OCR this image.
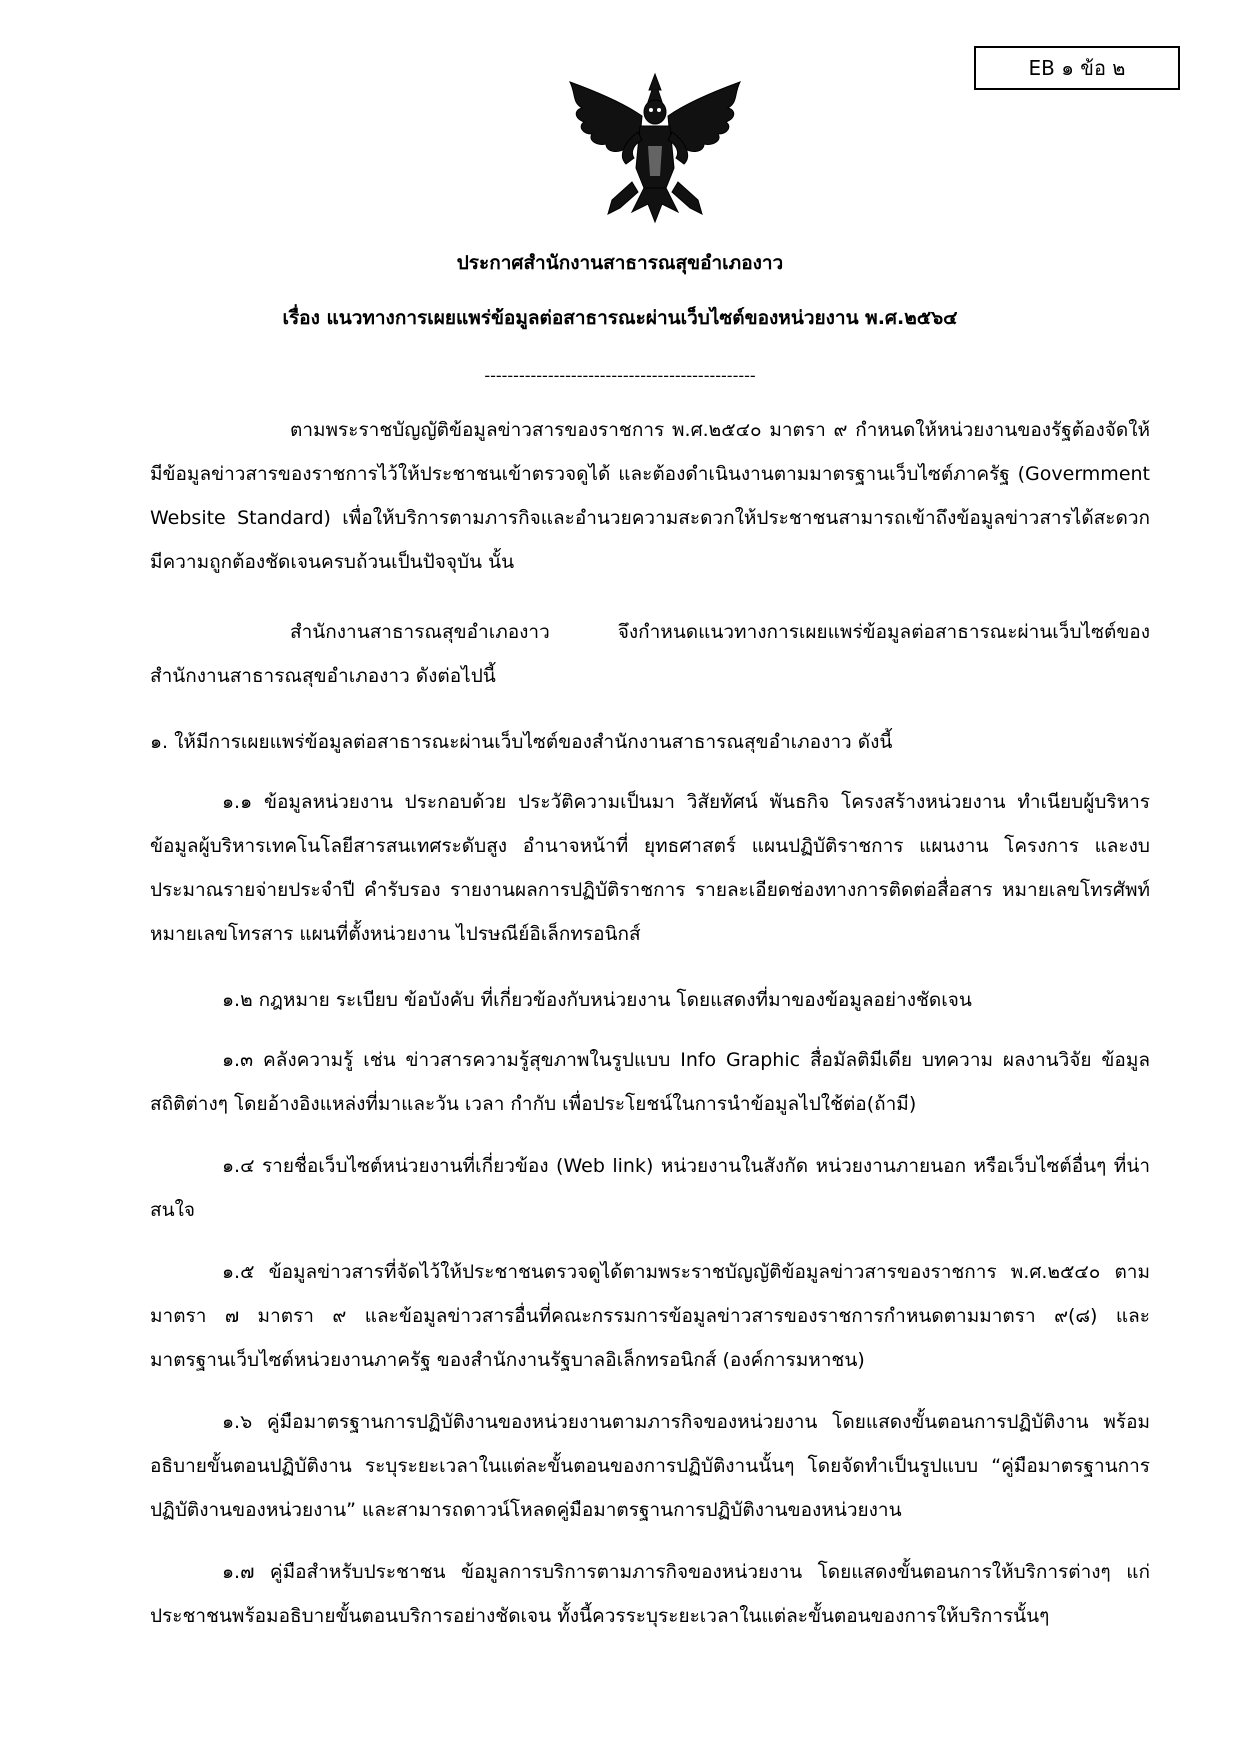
EB ๑ ข้อ ๒
ประกาศสำนักงานสาธารณสุขอำเภองาว
เรื่อง แนวทางการเผยแพร่ข้อมูลต่อสาธารณะผ่านเว็บไซต์ของหน่วยงาน พ.ศ.๒๕๖๔
-----------------------------------------------

ตามพระราชบัญญัติข้อมูลข่าวสารของราชการ พ.ศ.๒๕๔๐ มาตรา ๙ กำหนดให้หน่วยงานของรัฐต้องจัดให้มีข้อมูลข่าวสารของราชการไว้ให้ประชาชนเข้าตรวจดูได้ และต้องดำเนินงานตามมาตรฐานเว็บไซต์ภาครัฐ (Govermment Website Standard) เพื่อให้บริการตามภารกิจและอำนวยความสะดวกให้ประชาชนสามารถเข้าถึงข้อมูลข่าวสารได้สะดวกมีความถูกต้องชัดเจนครบถ้วนเป็นปัจจุบัน นั้น

สำนักงานสาธารณสุขอำเภองาว จึงกำหนดแนวทางการเผยแพร่ข้อมูลต่อสาธารณะผ่านเว็บไซต์ของสำนักงานสาธารณสุขอำเภองาว ดังต่อไปนี้

๑. ให้มีการเผยแพร่ข้อมูลต่อสาธารณะผ่านเว็บไซต์ของสำนักงานสาธารณสุขอำเภองาว ดังนี้

๑.๑ ข้อมูลหน่วยงาน ประกอบด้วย ประวัติความเป็นมา วิสัยทัศน์ พันธกิจ โครงสร้างหน่วยงาน ทำเนียบผู้บริหาร ข้อมูลผู้บริหารเทคโนโลยีสารสนเทศระดับสูง อำนาจหน้าที่ ยุทธศาสตร์ แผนปฏิบัติราชการ แผนงาน โครงการ และงบประมาณรายจ่ายประจำปี คำรับรอง รายงานผลการปฏิบัติราชการ รายละเอียดช่องทางการติดต่อสื่อสาร หมายเลขโทรศัพท์ หมายเลขโทรสาร แผนที่ตั้งหน่วยงาน ไปรษณีย์อิเล็กทรอนิกส์

๑.๒ กฎหมาย ระเบียบ ข้อบังคับ ที่เกี่ยวข้องกับหน่วยงาน โดยแสดงที่มาของข้อมูลอย่างชัดเจน

๑.๓ คลังความรู้ เช่น ข่าวสารความรู้สุขภาพในรูปแบบ Info Graphic สื่อมัลติมีเดีย บทความ ผลงานวิจัย ข้อมูลสถิติต่างๆ โดยอ้างอิงแหล่งที่มาและวัน เวลา กำกับ เพื่อประโยชน์ในการนำข้อมูลไปใช้ต่อ(ถ้ามี)

๑.๔ รายชื่อเว็บไซต์หน่วยงานที่เกี่ยวข้อง (Web link) หน่วยงานในสังกัด หน่วยงานภายนอก หรือเว็บไซต์อื่นๆ ที่น่าสนใจ

๑.๕ ข้อมูลข่าวสารที่จัดไว้ให้ประชาชนตรวจดูได้ตามพระราชบัญญัติข้อมูลข่าวสารของราชการ พ.ศ.๒๕๔๐ ตามมาตรา ๗ มาตรา ๙ และข้อมูลข่าวสารอื่นที่คณะกรรมการข้อมูลข่าวสารของราชการกำหนดตามมาตรา ๙(๘) และมาตรฐานเว็บไซต์หน่วยงานภาครัฐ ของสำนักงานรัฐบาลอิเล็กทรอนิกส์ (องค์การมหาชน)

๑.๖ คู่มือมาตรฐานการปฏิบัติงานของหน่วยงานตามภารกิจของหน่วยงาน โดยแสดงขั้นตอนการปฏิบัติงาน พร้อมอธิบายขั้นตอนปฏิบัติงาน ระบุระยะเวลาในแต่ละขั้นตอนของการปฏิบัติงานนั้นๆ โดยจัดทำเป็นรูปแบบ “คู่มือมาตรฐานการปฏิบัติงานของหน่วยงาน” และสามารถดาวน์โหลดคู่มือมาตรฐานการปฏิบัติงานของหน่วยงาน

๑.๗ คู่มือสำหรับประชาชน ข้อมูลการบริการตามภารกิจของหน่วยงาน โดยแสดงขั้นตอนการให้บริการต่างๆ แก่ประชาชนพร้อมอธิบายขั้นตอนบริการอย่างชัดเจน ทั้งนี้ควรระบุระยะเวลาในแต่ละขั้นตอนของการให้บริการนั้นๆ
